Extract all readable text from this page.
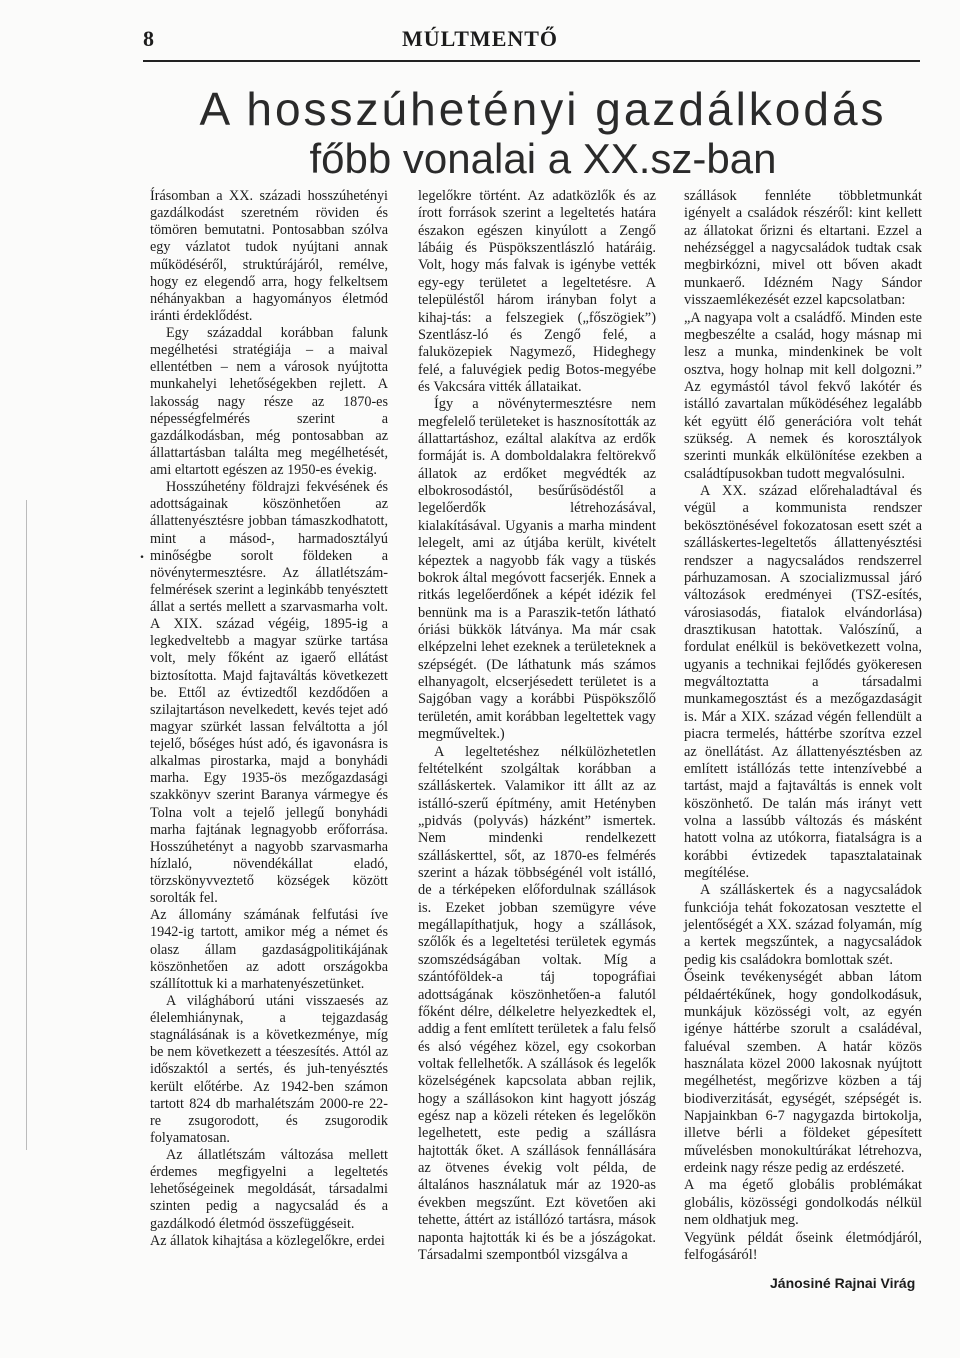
.
8	MÚLTMENTŐ
A hosszúhetényi gazdálkodás
főbb vonalai a XX.sz-ban

Írásomban a XX. századi hosszúhetényi gazdálkodást szeretném röviden és tömören bemutatni. Pontosabban szólva egy vázlatot tudok nyújtani annak működéséről, struktúrájáról, remélve, hogy ez elegendő arra, hogy felkeltsem néhányakban a hagyományos életmód iránti érdeklődést.

Egy századdal korábban falunk megélhetési stratégiája – a maival ellentétben – nem a városok nyújtotta munkahelyi lehetőségekben rejlett. A lakosság nagy része az 1870-es népességfelmérés szerint a gazdálkodásban, még pontosabban az állattartásban találta meg megélhetését, ami eltartott egészen az 1950-es évekig.

Hosszúhetény földrajzi fekvésének és adottságainak köszönhetően az állattenyésztésre jobban támaszkodhatott, mint a másod-, harmadosztályú minőségbe sorolt földeken a növénytermesztésre. Az állatlétszám-felmérések szerint a leginkább tenyésztett állat a sertés mellett a szarvasmarha volt. A XIX. század végéig, 1895-ig a legkedveltebb a magyar szürke tartása volt, mely főként az igaerő ellátást biztosította. Majd fajtaváltás következett be. Ettől az évtizedtől kezdődően a szilajtartáson nevelkedett, kevés tejet adó magyar szürkét lassan felváltotta a jól tejelő, bőséges húst adó, és igavonásra is alkalmas pirostarka, majd a bonyhádi marha. Egy 1935-ös mezőgazdasági szakkönyv szerint Baranya vármegye és Tolna volt a tejelő jellegű bonyhádi marha fajtának legnagyobb erőforrása. Hosszúhetényt a nagyobb szarvasmarha hízlaló, növendékállat eladó, törzskönyvveztető községek között sorolták fel.

Az állomány számának felfutási íve 1942-ig tartott, amikor még a német és olasz állam gazdaságpolitikájának köszönhetően az adott országokba szállítottuk ki a marhatenyészetünket.

A világháború utáni visszaesés az élelemhiánynak, a tejgazdaság stagnálásának is a következménye, míg be nem következett a téeszesítés. Attól az időszaktól a sertés, és juh-tenyésztés került előtérbe. Az 1942-ben számon tartott 824 db marhalétszám 2000-re 22-re zsugorodott, és zsugorodik folyamatosan.

Az állatlétszám változása mellett érdemes megfigyelni a legeltetés lehetőségeinek megoldását, társadalmi szinten pedig a nagycsalád és a gazdálkodó életmód összefüggéseit.

Az állatok kihajtása a közlegelőkre, erdei

legelőkre történt. Az adatközlők és az írott források szerint a legeltetés határa északon egészen kinyúlott a Zengő lábáig és Püspökszentlászló határáig. Volt, hogy más falvak is igénybe vették egy-egy területet a legeltetésre. A településtől három irányban folyt a kihaj-tás: a felszegiek („főszögiek”) Szentlász-ló és Zengő felé, a faluközepiek Nagymező, Hideghegy felé, a faluvégiek pedig Botos-megyébe és Vakcsára vitték állataikat.

Így a növénytermesztésre nem megfelelő területeket is hasznosították az állattartáshoz, ezáltal alakítva az erdők formáját is. A domboldalakra feltörekvő állatok az erdőket megvédték az elbokrosodástól, besűrűsödéstől a legelőerdők létrehozásával, kialakításával. Ugyanis a marha mindent lelegelt, ami az útjába került, kivételt képeztek a nagyobb fák vagy a tüskés bokrok által megóvott facserjék. Ennek a ritkás legelőerdőnek a képét idézik fel bennünk ma is a Paraszik-tetőn látható óriási bükkök látványa. Ma már csak elképzelni lehet ezeknek a területeknek a szépségét. (De láthatunk más számos elhanyagolt, elcserjésedett területet is a Sajgóban vagy a korábbi Püspökszőlő területén, amit korábban legeltettek vagy megműveltek.)

A legeltetéshez nélkülözhetetlen feltételként szolgáltak korábban a szálláskertek. Valamikor itt állt az az istálló-szerű építmény, amit Hetényben „pidvás (polyvás) házként” ismertek. Nem mindenki rendelkezett szálláskerttel, sőt, az 1870-es felmérés szerint a házak többségénél volt istálló, de a térképeken előfordulnak szállások is. Ezeket jobban szemügyre véve megállapíthatjuk, hogy a szállások, szőlők és a legeltetési területek egymás szomszédságában voltak. Míg a szántóföldek-a táj topográfiai adottságának köszönhetően-a falutól főként délre, délkeletre helyezkedtek el, addig a fent említett területek a falu felső és alsó végéhez közel, egy csokorban voltak fellelhetők. A szállások és legelők közelségének kapcsolata abban rejlik, hogy a szállásokon kint hagyott jószág egész nap a közeli réteken és legelőkön legelhetett, este pedig a szállásra hajtották őket. A szállások fennállására az ötvenes évekig volt példa, de általános használatuk már az 1920-as években megszűnt. Ezt követően aki tehette, áttért az istállózó tartásra, mások naponta hajtották ki és be a jószágokat. Társadalmi szempontból vizsgálva a

szállások fennléte többletmunkát igényelt a családok részéről: kint kellett az állatokat őrizni és eltartani. Ezzel a nehézséggel a nagycsaládok tudtak csak megbirkózni, mivel ott bőven akadt munkaerő. Idézném Nagy Sándor visszaemlékezését ezzel kapcsolatban:

„A nagyapa volt a családfő. Minden este megbeszélte a család, hogy másnap mi lesz a munka, mindenkinek be volt osztva, hogy holnap mit kell dolgozni.” Az egymástól távol fekvő lakótér és istálló zavartalan működéséhez legalább két együtt élő generációra volt tehát szükség. A nemek és korosztályok szerinti munkák elkülönítése ezekben a családtípusokban tudott megvalósulni.

A XX. század előrehaladtával és végül a kommunista rendszer bekösztönésével fokozatosan esett szét a szálláskertes-legeltetős állattenyésztési rendszer a nagycsaládos rendszerrel párhuzamosan. A szocializmussal járó változások eredményei (TSZ-esítés, városiasodás, fiatalok elvándorlása) drasztikusan hatottak. Valószínű, a fordulat enélkül is bekövetkezett volna, ugyanis a technikai fejlődés gyökeresen megváltoztatta a társadalmi munkamegosztást és a mezőgazdaságit is. Már a XIX. század végén fellendült a piacra termelés, háttérbe szorítva ezzel az önellátást. Az állattenyésztésben az említett istállózás tette intenzívebbé a tartást, majd a fajtaváltás is ennek volt köszönhető. De talán más irányt vett volna a lassúbb változás és másként hatott volna az utókorra, fiatalságra is a korábbi évtizedek tapasztalatainak megítélése.

A szálláskertek és a nagycsaládok funkciója tehát fokozatosan vesztette el jelentőségét a XX. század folyamán, míg a kertek megszűntek, a nagycsaládok pedig kis családokra bomlottak szét.

Őseink tevékenységét abban látom példaértékűnek, hogy gondolkodásuk, munkájuk közösségi volt, az egyén igénye háttérbe szorult a családéval, faluéval szemben. A határ közös használata közel 2000 lakosnak nyújtott megélhetést, megőrizve közben a táj biodiverzitását, egységét, szépségét is. Napjainkban 6-7 nagygazda birtokolja, illetve bérli a földeket gépesített művelésben monokultúrákat létrehozva, erdeink nagy része pedig az erdészeté.

A ma égető globális problémákat globális, közösségi gondolkodás nélkül nem oldhatjuk meg.

Vegyünk példát őseink életmódjáról, felfogásáról!

Jánosiné Rajnai Virág
